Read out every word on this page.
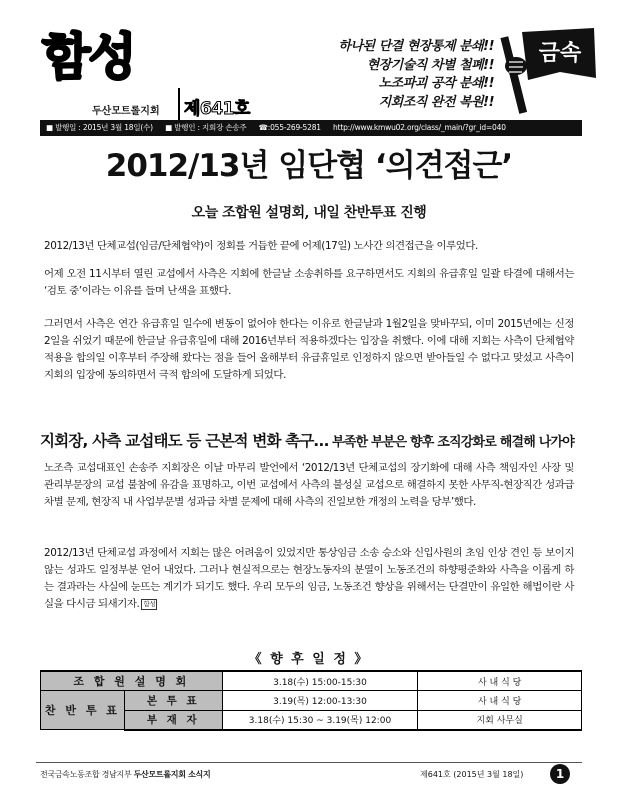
함성
두산모트롤지회 제641호
하나된 단결 현장통제 분쇄!!
현장기술직 차별 철폐!!
노조파괴 공작 분쇄!!
지회조직 완전 복원!!
금속
■ 발행일 : 2015년 3월 18일(수) ■ 발행인 : 지회장 손송주 ☎:055-269-5281 http://www.kmwu02.org/class/_main/?gr_id=040
2012/13년 임단협 ‘의견접근’
오늘 조합원 설명회, 내일 찬반투표 진행

2012/13년 단체교섭(임금/단체협약)이 정회를 거듭한 끝에 어제(17일) 노사간 의견접근을 이루었다.

어제 오전 11시부터 열린 교섭에서 사측은 지회에 한글날 소송취하를 요구하면서도 지회의 유급휴일 일괄 타결에 대해서는 ‘검토 중’이라는 이유를 들며 난색을 표했다.

그러면서 사측은 연간 유급휴일 일수에 변동이 없어야 한다는 이유로 한글날과 1월2일을 맞바꾸되, 이미 2015년에는 신정 2일을 쉬었기 때문에 한글날 유급휴일에 대해 2016년부터 적용하겠다는 입장을 취했다. 이에 대해 지회는 사측이 단체협약 적용을 합의일 이후부터 주장해 왔다는 점을 들어 올해부터 유급휴일로 인정하지 않으면 받아들일 수 없다고 맞섰고 사측이 지회의 입장에 동의하면서 극적 합의에 도달하게 되었다.

지회장, 사측 교섭태도 등 근본적 변화 촉구… 부족한 부분은 향후 조직강화로 해결해 나가야

노조측 교섭대표인 손송주 지회장은 이날 마무리 발언에서 ‘2012/13년 단체교섭의 장기화에 대해 사측 책임자인 사장 및 관리부문장의 교섭 불참에 유감을 표명하고, 이번 교섭에서 사측의 불성실 교섭으로 해결하지 못한 사무직-현장직간 성과급 차별 문제, 현장직 내 사업부문별 성과급 차별 문제에 대해 사측의 진일보한 개정의 노력을 당부’했다.

2012/13년 단체교섭 과정에서 지회는 많은 어려움이 있었지만 통상임금 소송 승소와 신입사원의 초임 인상 견인 등 보이지 않는 성과도 일정부분 얻어 내었다. 그러나 현실적으로는 현장노동자의 분열이 노동조건의 하향평준화와 사측을 이롭게 하는 결과라는 사실에 눈뜨는 계기가 되기도 했다. 우리 모두의 임금, 노동조건 향상을 위해서는 단결만이 유일한 해법이란 사실을 다시금 되새기자. 함성

《 향 후 일 정 》
조 합 원 설 명 회		3.18(수) 15:00-15:30	사 내 식 당
찬 반 투 표	본 투 표	3.19(목) 12:00-13:30	사 내 식 당
	부 재 자	3.18(수) 15:30 ~ 3.19(목) 12:00	지회 사무실
전국금속노동조합 경남지부 두산모트롤지회 소식지	제641호 (2015년 3월 18일)	1
